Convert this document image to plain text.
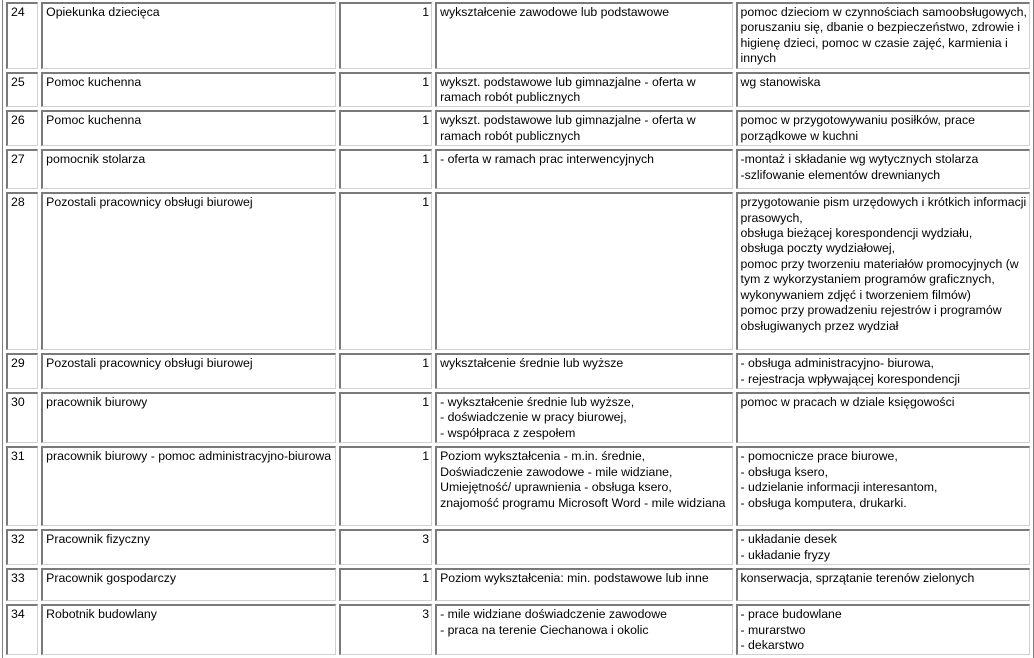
24	Opiekunka dziecięca	1	wykształcenie zawodowe lub podstawowe	pomoc dzieciom w czynnościach samoobsługowych, poruszaniu się, dbanie o bezpieczeństwo, zdrowie i higienę dzieci, pomoc w czasie zajęć, karmienia i innych

25	Pomoc kuchenna	1	wykszt. podstawowe lub gimnazjalne - oferta w ramach robót publicznych	wg stanowiska

26	Pomoc kuchenna	1	wykszt. podstawowe lub gimnazjalne - oferta w ramach robót publicznych	pomoc w przygotowywaniu posiłków, prace porządkowe w kuchni

27	pomocnik stolarza	1	- oferta w ramach prac interwencyjnych	-montaż i składanie wg wytycznych stolarza
-szlifowanie elementów drewnianych

28	Pozostali pracownicy obsługi biurowej	1		przygotowanie pism urzędowych i krótkich informacji prasowych,
obsługa bieżącej korespondencji wydziału,
obsługa poczty wydziałowej,
pomoc przy tworzeniu materiałów promocyjnych (w tym z wykorzystaniem programów graficznych, wykonywaniem zdjęć i tworzeniem filmów)
pomoc przy prowadzeniu rejestrów i programów obsługiwanych przez wydział

29	Pozostali pracownicy obsługi biurowej	1	wykształcenie średnie lub wyższe	- obsługa administracyjno- biurowa,
- rejestracja wpływającej korespondencji

30	pracownik biurowy	1	- wykształcenie średnie lub wyższe,
- doświadczenie w pracy biurowej,
- współpraca z zespołem	pomoc w pracach w dziale księgowości

31	pracownik biurowy - pomoc administracyjno-biurowa	1	Poziom wykształcenia - m.in. średnie,
Doświadczenie zawodowe - mile widziane,
Umiejętność/ uprawnienia - obsługa ksero,
znajomość programu Microsoft Word - mile widziana	- pomocnicze prace biurowe,
- obsługa ksero,
- udzielanie informacji interesantom,
- obsługa komputera, drukarki.

32	Pracownik fizyczny	3		- układanie desek
- układanie fryzy

33	Pracownik gospodarczy	1	Poziom wykształcenia: min. podstawowe lub inne	konserwacja, sprzątanie terenów zielonych

34	Robotnik budowlany	3	- mile widziane doświadczenie zawodowe
- praca na terenie Ciechanowa i okolic	- prace budowlane
- murarstwo
- dekarstwo
